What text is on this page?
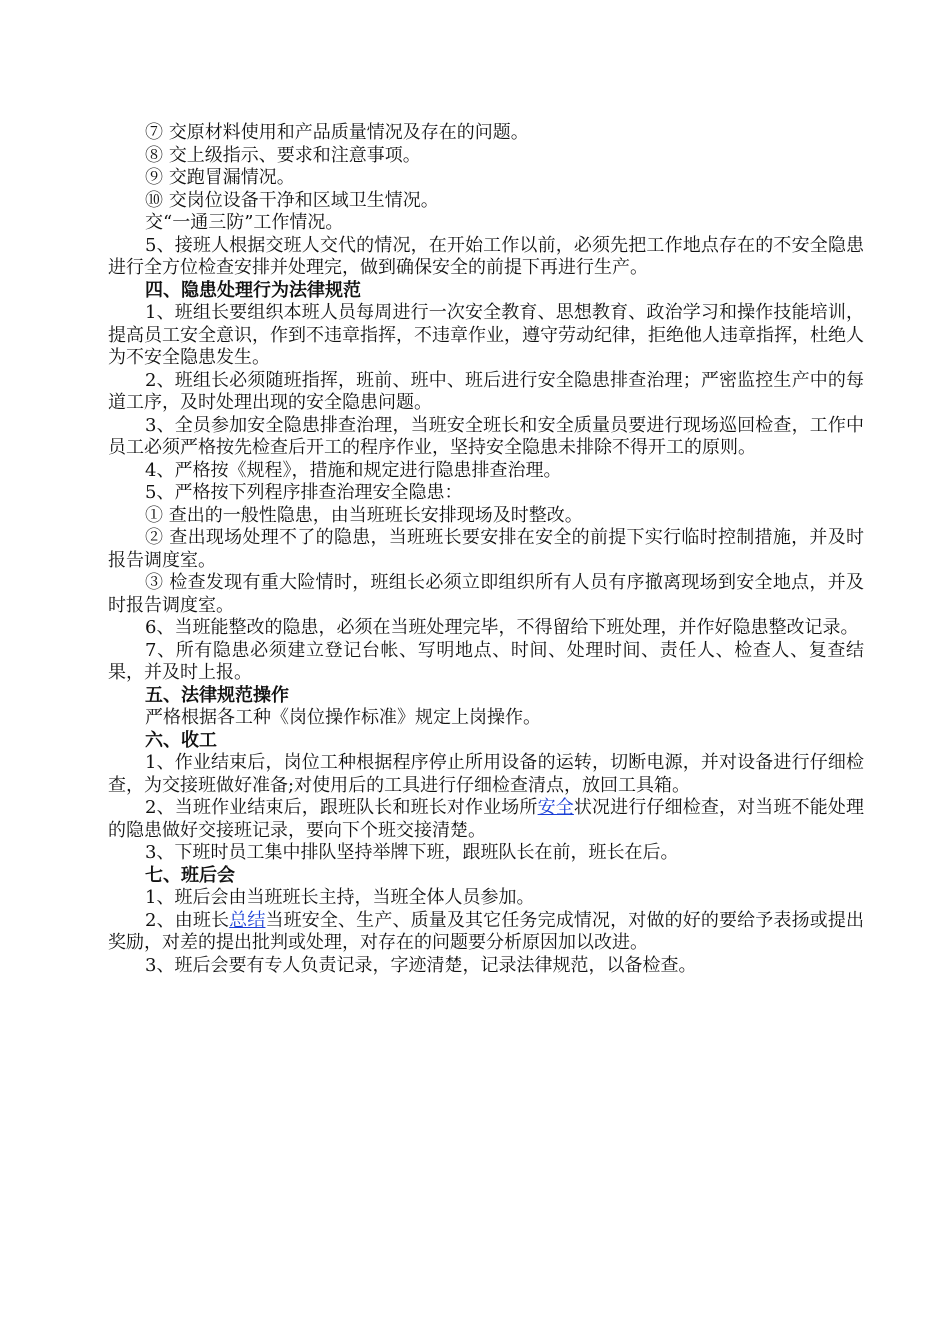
⑦ 交原材料使用和产品质量情况及存在的问题。

⑧ 交上级指示、要求和注意事项。

⑨ 交跑冒漏情况。

⑩ 交岗位设备干净和区域卫生情况。

交“一通三防”工作情况。

5、接班人根据交班人交代的情况，在开始工作以前，必须先把工作地点存在的不安全隐患进行全方位检查安排并处理完，做到确保安全的前提下再进行生产。

四、隐患处理行为法律规范

1、班组长要组织本班人员每周进行一次安全教育、思想教育、政治学习和操作技能培训，提高员工安全意识，作到不违章指挥，不违章作业，遵守劳动纪律，拒绝他人违章指挥，杜绝人为不安全隐患发生。

2、班组长必须随班指挥，班前、班中、班后进行安全隐患排查治理；严密监控生产中的每道工序，及时处理出现的安全隐患问题。

3、全员参加安全隐患排查治理，当班安全班长和安全质量员要进行现场巡回检查，工作中员工必须严格按先检查后开工的程序作业，坚持安全隐患未排除不得开工的原则。

4、严格按《规程》，措施和规定进行隐患排查治理。

5、严格按下列程序排查治理安全隐患：

① 查出的一般性隐患，由当班班长安排现场及时整改。

② 查出现场处理不了的隐患，当班班长要安排在安全的前提下实行临时控制措施，并及时报告调度室。

③ 检查发现有重大险情时，班组长必须立即组织所有人员有序撤离现场到安全地点，并及时报告调度室。

6、当班能整改的隐患，必须在当班处理完毕，不得留给下班处理，并作好隐患整改记录。

7、所有隐患必须建立登记台帐、写明地点、时间、处理时间、责任人、检查人、复查结果，并及时上报。

五、法律规范操作

严格根据各工种《岗位操作标准》规定上岗操作。

六、收工

1、作业结束后，岗位工种根据程序停止所用设备的运转，切断电源，并对设备进行仔细检查，为交接班做好准备;对使用后的工具进行仔细检查清点，放回工具箱。

2、当班作业结束后，跟班队长和班长对作业场所安全状况进行仔细检查，对当班不能处理的隐患做好交接班记录，要向下个班交接清楚。

3、下班时员工集中排队坚持举牌下班，跟班队长在前，班长在后。

七、班后会

1、班后会由当班班长主持，当班全体人员参加。

2、由班长总结当班安全、生产、质量及其它任务完成情况，对做的好的要给予表扬或提出奖励，对差的提出批判或处理，对存在的问题要分析原因加以改进。

3、班后会要有专人负责记录，字迹清楚，记录法律规范，以备检查。
